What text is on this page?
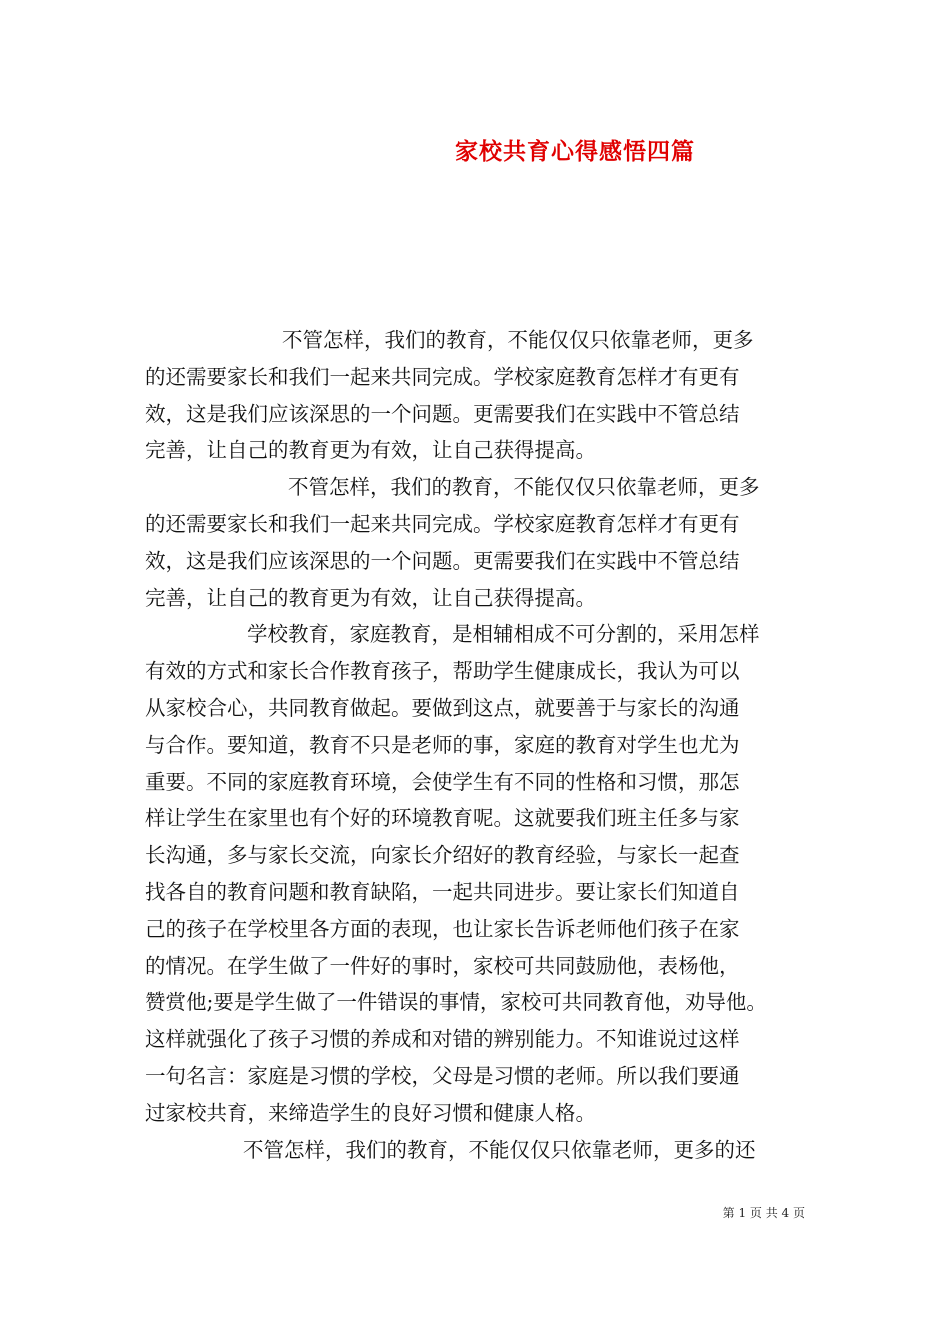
家校共育心得感悟四篇
不管怎样，我们的教育，不能仅仅只依靠老师，更多
的还需要家长和我们一起来共同完成。学校家庭教育怎样才有更有
效，这是我们应该深思的一个问题。更需要我们在实践中不管总结
完善，让自己的教育更为有效，让自己获得提高。
不管怎样，我们的教育，不能仅仅只依靠老师，更多
的还需要家长和我们一起来共同完成。学校家庭教育怎样才有更有
效，这是我们应该深思的一个问题。更需要我们在实践中不管总结
完善，让自己的教育更为有效，让自己获得提高。
学校教育，家庭教育，是相辅相成不可分割的，采用怎样
有效的方式和家长合作教育孩子，帮助学生健康成长，我认为可以
从家校合心，共同教育做起。要做到这点，就要善于与家长的沟通
与合作。要知道，教育不只是老师的事，家庭的教育对学生也尤为
重要。不同的家庭教育环境，会使学生有不同的性格和习惯，那怎
样让学生在家里也有个好的环境教育呢。这就要我们班主任多与家
长沟通，多与家长交流，向家长介绍好的教育经验，与家长一起查
找各自的教育问题和教育缺陷，一起共同进步。要让家长们知道自
己的孩子在学校里各方面的表现，也让家长告诉老师他们孩子在家
的情况。在学生做了一件好的事时，家校可共同鼓励他，表杨他，
赞赏他;要是学生做了一件错误的事情，家校可共同教育他，劝导他。
这样就强化了孩子习惯的养成和对错的辨别能力。不知谁说过这样
一句名言：家庭是习惯的学校，父母是习惯的老师。所以我们要通
过家校共育，来缔造学生的良好习惯和健康人格。
不管怎样，我们的教育，不能仅仅只依靠老师，更多的还
第 1 页 共 4 页
